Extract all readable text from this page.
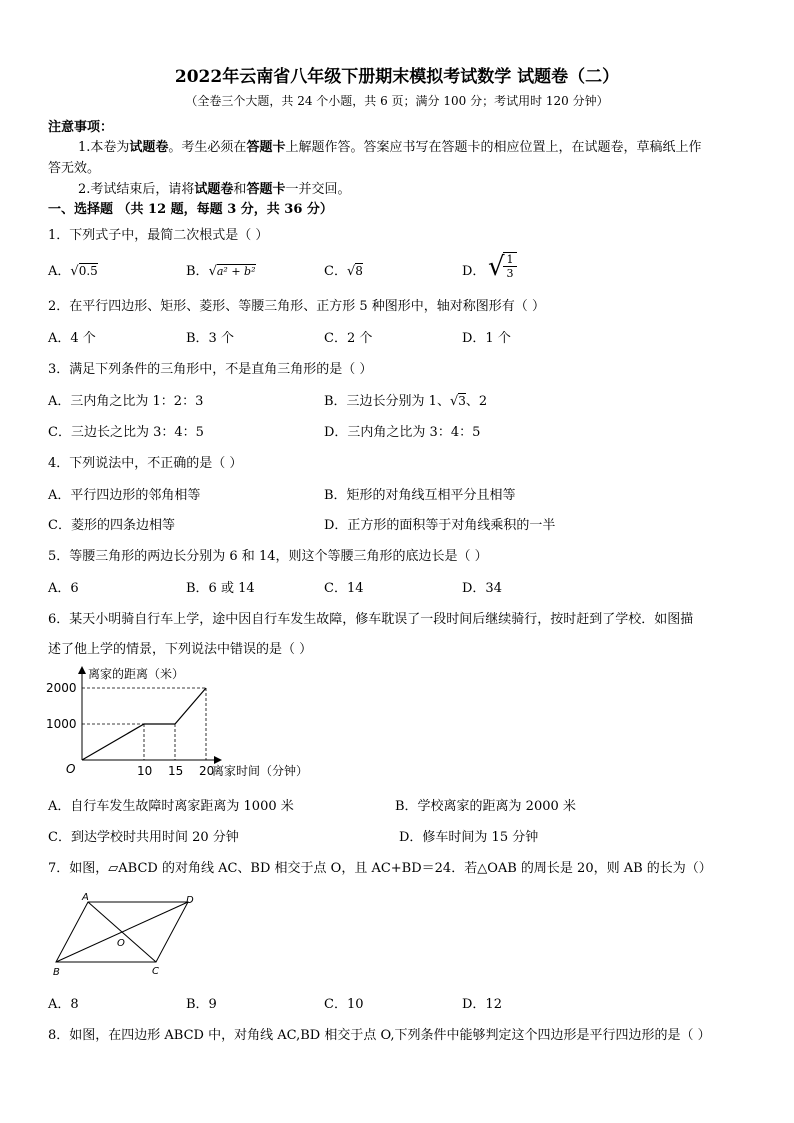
2022年云南省八年级下册期末模拟考试数学 试题卷（二）
（全卷三个大题，共 24 个小题，共 6 页；满分 100 分；考试用时 120 分钟）
注意事项：
1.本卷为试题卷。考生必须在答题卡上解题作答。答案应书写在答题卡的相应位置上，在试题卷，草稿纸上作
答无效。
2.考试结束后，请将试题卷和答题卡一并交回。
一、选择题 （共 12 题，每题 3 分，共 36 分）
1．下列式子中，最简二次根式是（ ）
A．√0.5	B．√a² + b²	C．√8	D． √ 1
3
2．在平行四边形、矩形、菱形、等腰三角形、正方形 5 种图形中，轴对称图形有（ ）
A．4 个	B．3 个	C．2 个	D．1 个
3．满足下列条件的三角形中，不是直角三角形的是（ ）
A．三内角之比为 1：2：3	B．三边长分别为 1、√3、2
C．三边长之比为 3：4：5	D．三内角之比为 3：4：5
4．下列说法中，不正确的是（ ）
A．平行四边形的邻角相等	B．矩形的对角线互相平分且相等
C．菱形的四条边相等	D．正方形的面积等于对角线乘积的一半
5．等腰三角形的两边长分别为 6 和 14，则这个等腰三角形的底边长是（ ）
A．6	B．6 或 14	C．14	D．34
6．某天小明骑自行车上学，途中因自行车发生故障，修车耽误了一段时间后继续骑行，按时赶到了学校．如图描
述了他上学的情景，下列说法中错误的是（ ）
10 15 20
1000
2000
O
离家的距离（米）
离家时间（分钟）
A．自行车发生故障时离家距离为 1000 米	B．学校离家的距离为 2000 米
C．到达学校时共用时间 20 分钟	D．修车时间为 15 分钟
7．如图，▱ABCD 的对角线 AC、BD 相交于点 O，且 AC+BD＝24．若△OAB 的周长是 20，则 AB 的长为（）
A	D
B	C
O
A．8	B．9	C．10	D．12
8．如图，在四边形 ABCD 中，对角线 AC,BD 相交于点 O,下列条件中能够判定这个四边形是平行四边形的是（ ）
